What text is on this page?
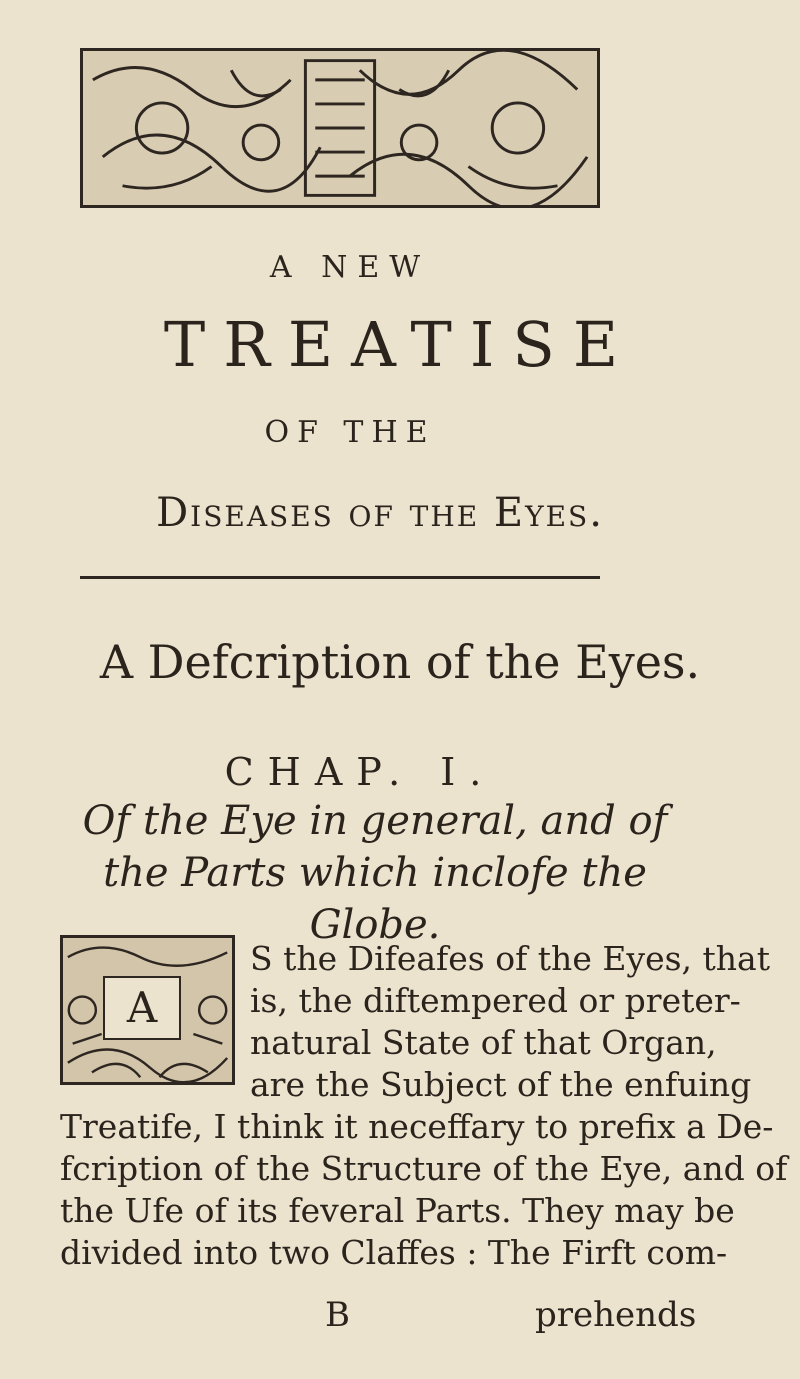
A NEW
TREATISE
OF THE
Diseases of the Eyes.
A Defcription of the Eyes.
CHAP. I.
Of the Eye in general, and of the Parts which inclofe the Globe.
A
S the Difeafes of the Eyes, that
is, the diftempered or preter-
natural State of that Organ,
are the Subject of the enfuing
Treatife, I think it neceffary to prefix a De-
fcription of the Structure of the Eye, and of
the Ufe of its feveral Parts. They may be
divided into two Claffes : The Firft com-
B	prehends
